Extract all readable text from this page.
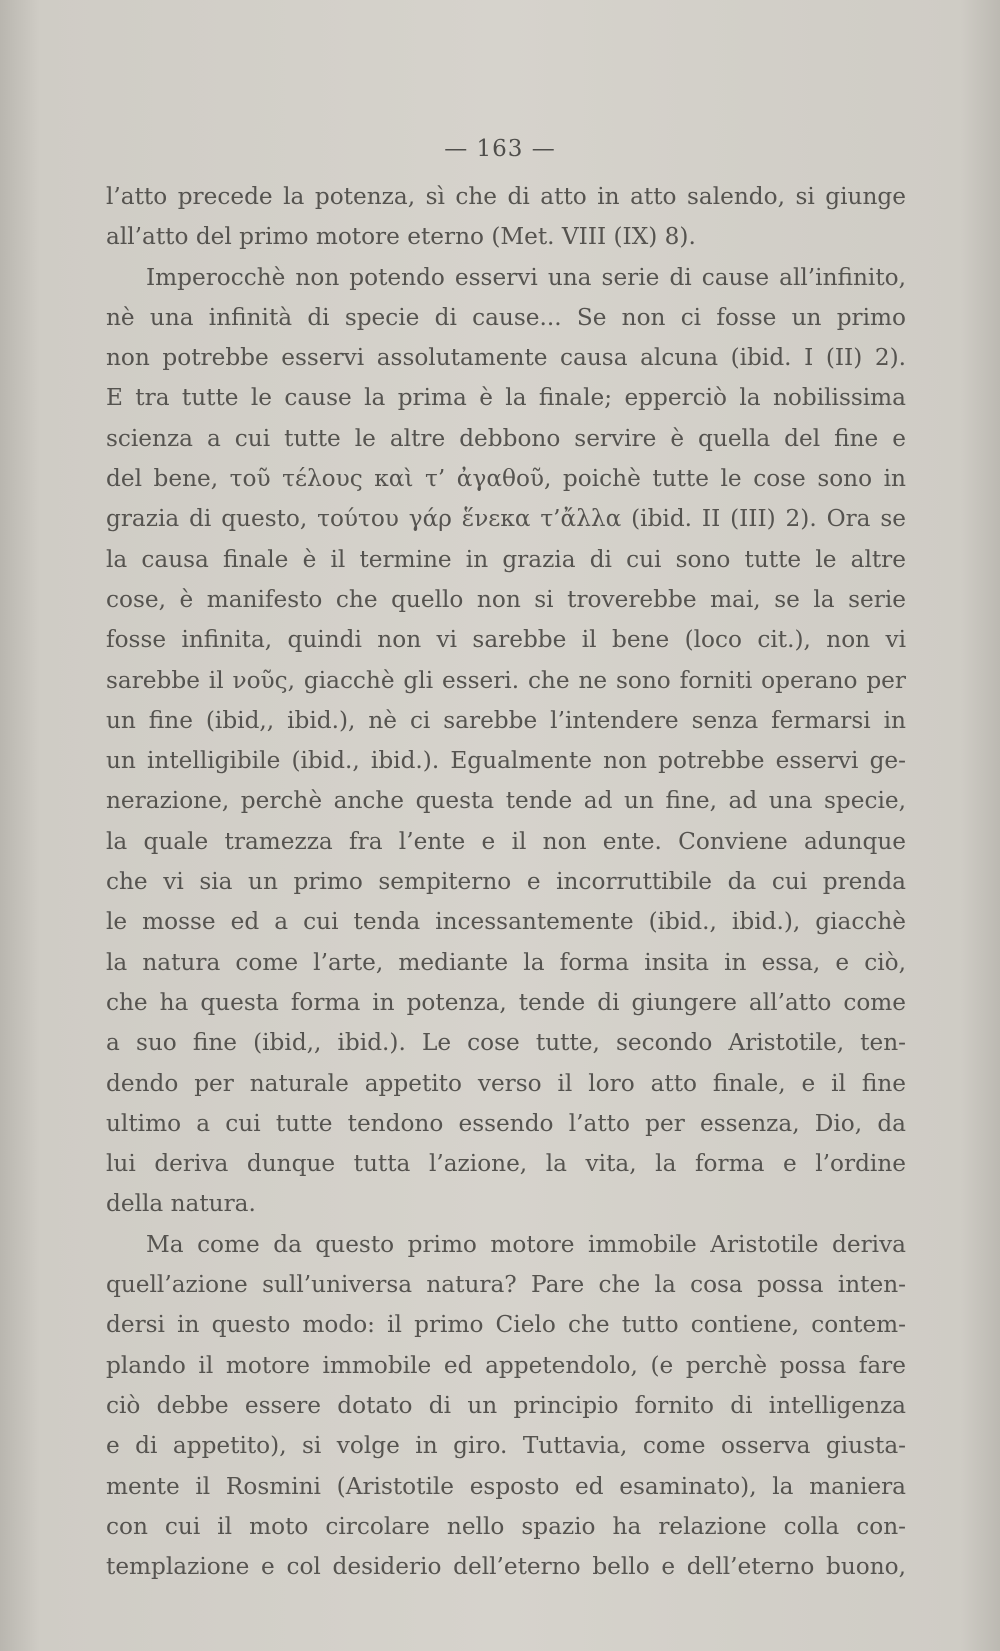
— 163 —
l’atto precede la potenza, sì che di atto in atto salendo, si giunge
all’atto del primo motore eterno (Met. VIII (IX) 8).
Imperocchè non potendo esservi una serie di cause all’infinito,
nè una infinità di specie di cause... Se non ci fosse un primo
non potrebbe esservi assolutamente causa alcuna (ibid. I (II) 2).
E tra tutte le cause la prima è la finale; epperciò la nobilissima
scienza a cui tutte le altre debbono servire è quella del fine e
del bene, τοῦ τέλους καὶ τ’ ἀγαθοῦ, poichè tutte le cose sono in
grazia di questo, τούτου γάρ ἕνεκα τ’ἄλλα (ibid. II (III) 2). Ora se
la causa finale è il termine in grazia di cui sono tutte le altre
cose, è manifesto che quello non si troverebbe mai, se la serie
fosse infinita, quindi non vi sarebbe il bene (loco cit.), non vi
sarebbe il νοῦς, giacchè gli esseri. che ne sono forniti operano per
un fine (ibid,, ibid.), nè ci sarebbe l’intendere senza fermarsi in
un intelligibile (ibid., ibid.). Egualmente non potrebbe esservi ge-
nerazione, perchè anche questa tende ad un fine, ad una specie,
la quale tramezza fra l’ente e il non ente. Conviene adunque
che vi sia un primo sempiterno e incorruttibile da cui prenda
le mosse ed a cui tenda incessantemente (ibid., ibid.), giacchè
la natura come l’arte, mediante la forma insita in essa, e ciò,
che ha questa forma in potenza, tende di giungere all’atto come
a suo fine (ibid,, ibid.). Le cose tutte, secondo Aristotile, ten-
dendo per naturale appetito verso il loro atto finale, e il fine
ultimo a cui tutte tendono essendo l’atto per essenza, Dio, da
lui deriva dunque tutta l’azione, la vita, la forma e l’ordine
della natura.
Ma come da questo primo motore immobile Aristotile deriva
quell’azione sull’universa natura? Pare che la cosa possa inten-
dersi in questo modo: il primo Cielo che tutto contiene, contem-
plando il motore immobile ed appetendolo, (e perchè possa fare
ciò debbe essere dotato di un principio fornito di intelligenza
e di appetito), si volge in giro. Tuttavia, come osserva giusta-
mente il Rosmini (Aristotile esposto ed esaminato), la maniera
con cui il moto circolare nello spazio ha relazione colla con-
templazione e col desiderio dell’eterno bello e dell’eterno buono,
